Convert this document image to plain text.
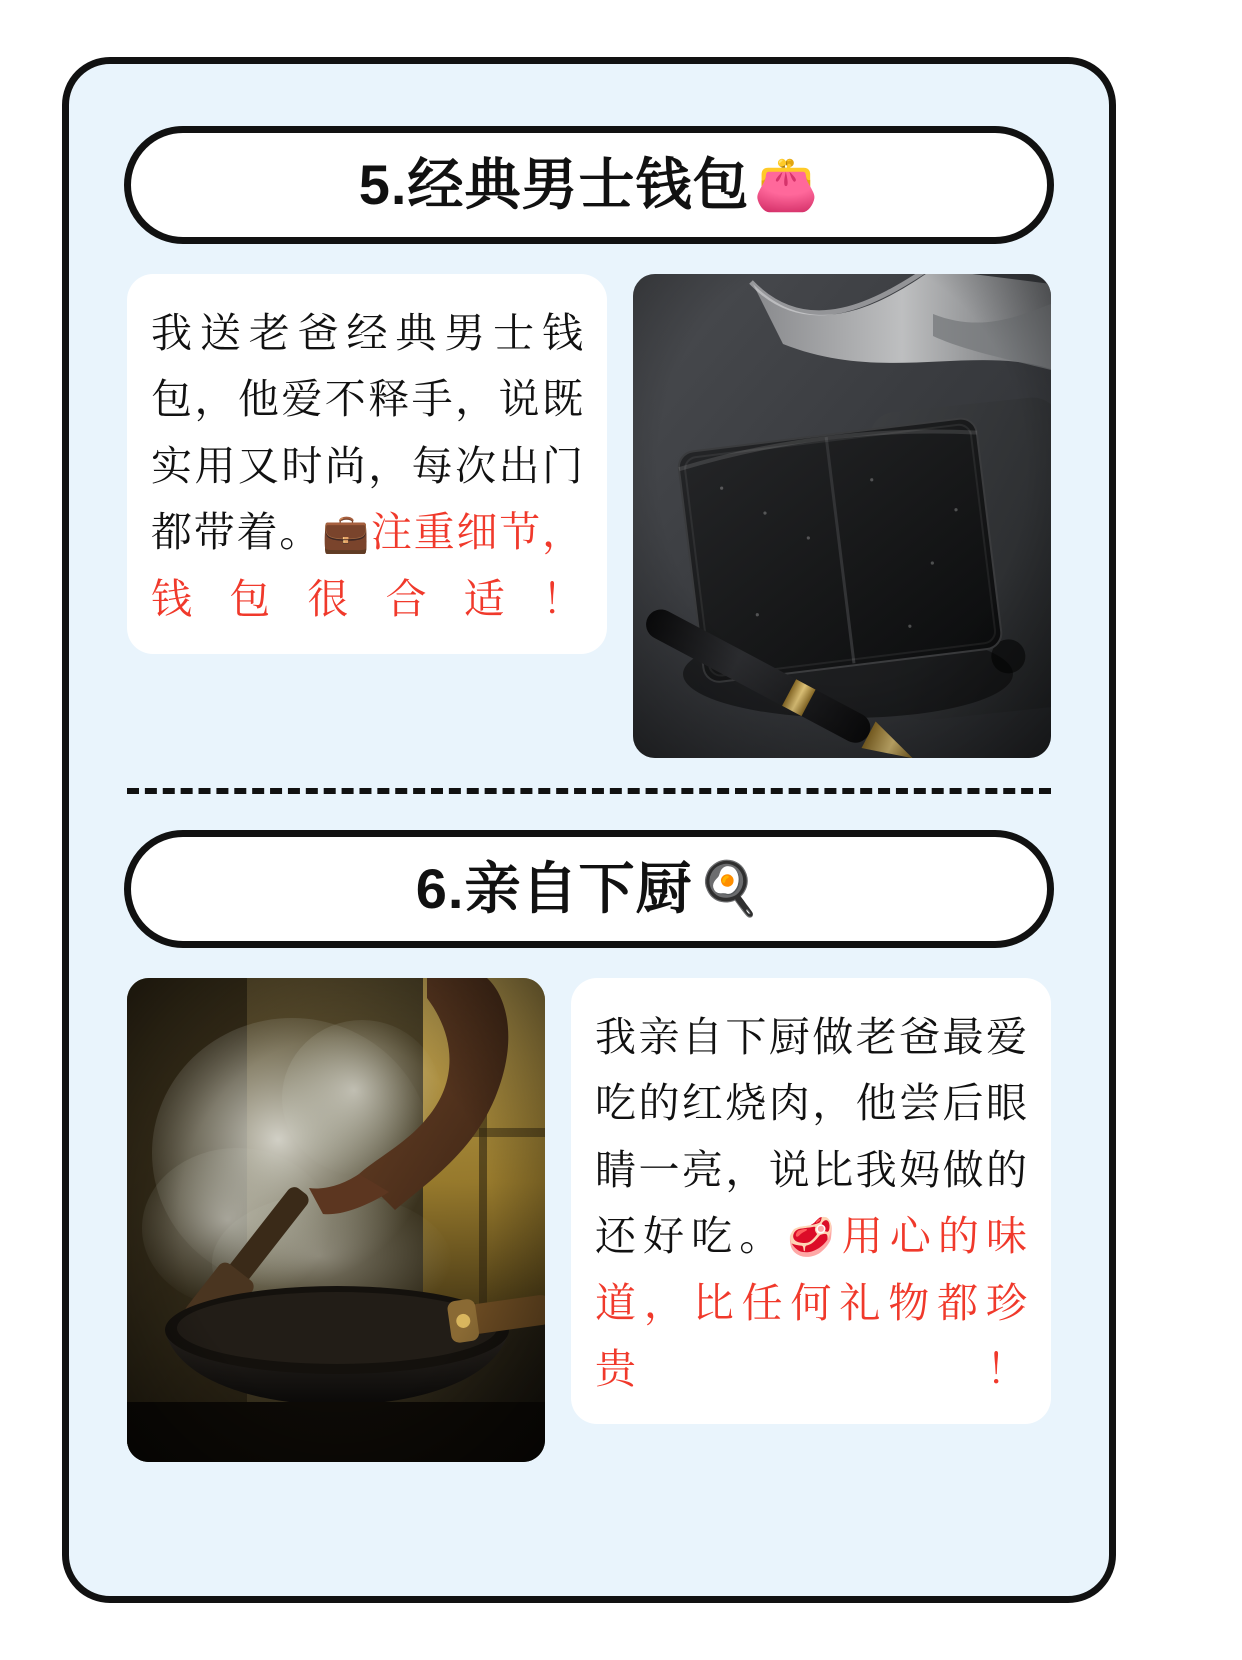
5.经典男士钱包 👛

我送老爸经典男士钱包，他爱不释手，说既实用又时尚，每次出门都带着。💼注重细节，钱包很合适！

6.亲自下厨 🍳

我亲自下厨做老爸最爱吃的红烧肉，他尝后眼睛一亮，说比我妈做的还好吃。🥩用心的味道，比任何礼物都珍贵！
